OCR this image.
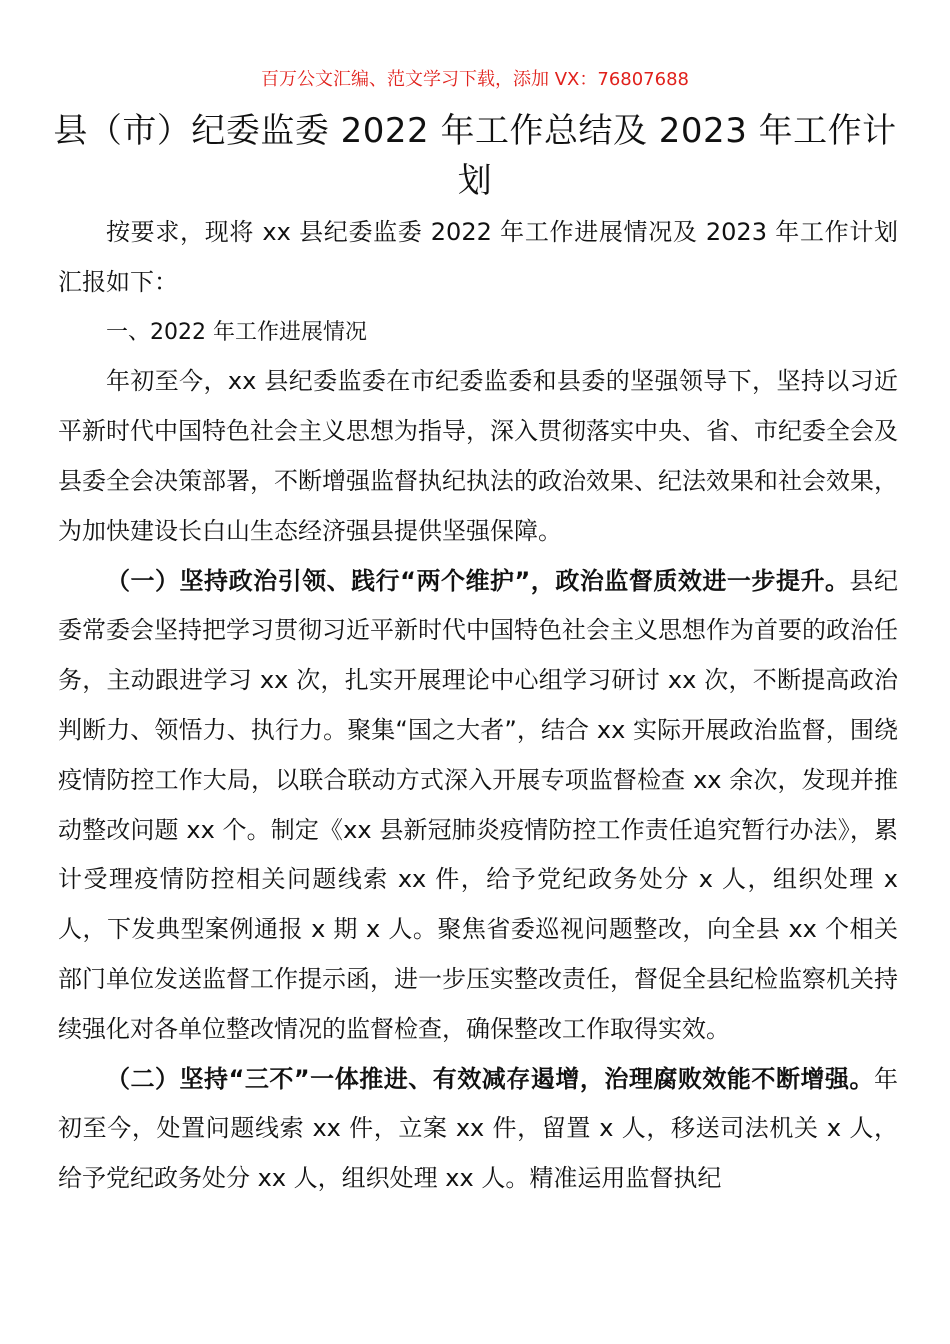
百万公文汇编、范文学习下载，添加 VX：76807688
县（市）纪委监委 2022 年工作总结及 2023 年工作计划

按要求，现将 xx 县纪委监委 2022 年工作进展情况及 2023 年工作计划汇报如下：

一、2022 年工作进展情况

年初至今，xx 县纪委监委在市纪委监委和县委的坚强领导下，坚持以习近平新时代中国特色社会主义思想为指导，深入贯彻落实中央、省、市纪委全会及县委全会决策部署，不断增强监督执纪执法的政治效果、纪法效果和社会效果，为加快建设长白山生态经济强县提供坚强保障。

（一）坚持政治引领、践行“两个维护”，政治监督质效进一步提升。县纪委常委会坚持把学习贯彻习近平新时代中国特色社会主义思想作为首要的政治任务，主动跟进学习 xx 次，扎实开展理论中心组学习研讨 xx 次，不断提高政治判断力、领悟力、执行力。聚集“国之大者”，结合 xx 实际开展政治监督，围绕疫情防控工作大局，以联合联动方式深入开展专项监督检查 xx 余次，发现并推动整改问题 xx 个。制定《xx 县新冠肺炎疫情防控工作责任追究暂行办法》，累计受理疫情防控相关问题线索 xx 件，给予党纪政务处分 x 人，组织处理 x 人，下发典型案例通报 x 期 x 人。聚焦省委巡视问题整改，向全县 xx 个相关部门单位发送监督工作提示函，进一步压实整改责任，督促全县纪检监察机关持续强化对各单位整改情况的监督检查，确保整改工作取得实效。

（二）坚持“三不”一体推进、有效减存遏增，治理腐败效能不断增强。年初至今，处置问题线索 xx 件，立案 xx 件，留置 x 人，移送司法机关 x 人，给予党纪政务处分 xx 人，组织处理 xx 人。精准运用监督执纪
